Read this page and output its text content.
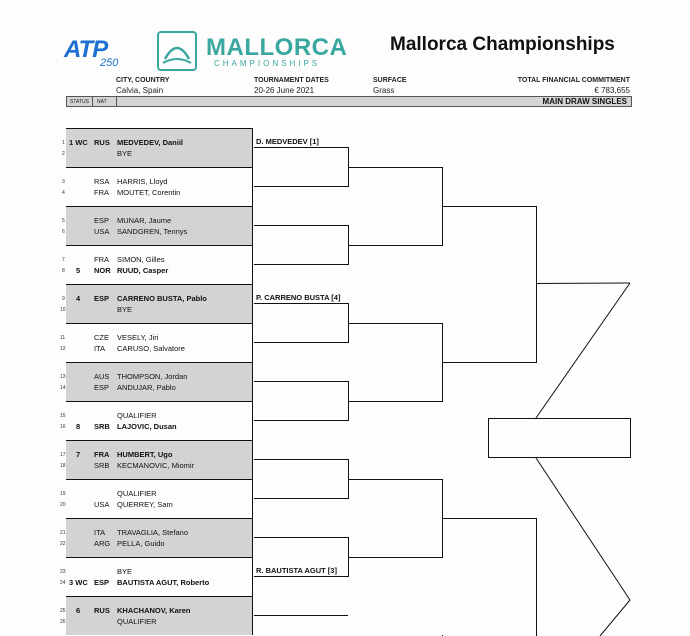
ATP
250
MALLORCA
CHAMPIONSHIPS
Mallorca Championships
CITY, COUNTRY
Calvia, Spain
TOURNAMENT DATES
20-26 June 2021
SURFACE
Grass
TOTAL FINANCIAL COMMITMENT
€ 783,655
STATUS NAT	MAIN DRAW SINGLES
1 1 WC RUS MEDVEDEV, Daniil
2	BYE
3	RSA HARRIS, Lloyd
4	FRA MOUTET, Corentin
5	ESP MUNAR, Jaume
6	USA SANDGREN, Tennys
7	FRA SIMON, Gilles
8 5 NOR RUUD, Casper
9 4 ESP CARRENO BUSTA, Pablo
10	BYE
11	CZE VESELY, Jiri
12	ITA CARUSO, Salvatore
13	AUS THOMPSON, Jordan
14	ESP ANDUJAR, Pablo
15	QUALIFIER
16 8 SRB LAJOVIC, Dusan
17 7 FRA HUMBERT, Ugo
18	SRB KECMANOVIC, Miomir
19	QUALIFIER
20	USA QUERREY, Sam
21	ITA TRAVAGLIA, Stefano
22	ARG PELLA, Guido
23	BYE
24 3 WC ESP BAUTISTA AGUT, Roberto
25 6 RUS KHACHANOV, Karen
26	QUALIFIER
D. MEDVEDEV [1]
P. CARRENO BUSTA [4]
R. BAUTISTA AGUT [3]
